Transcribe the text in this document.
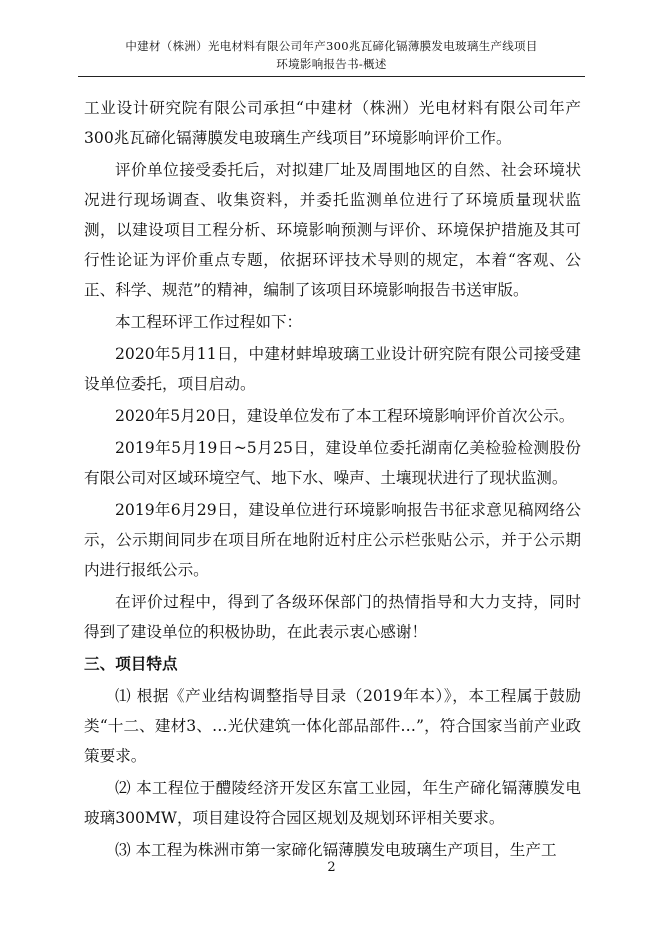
中建材（株洲）光电材料有限公司年产300兆瓦碲化镉薄膜发电玻璃生产线项目
环境影响报告书-概述

工业设计研究院有限公司承担“中建材（株洲）光电材料有限公司年产300兆瓦碲化镉薄膜发电玻璃生产线项目”环境影响评价工作。

评价单位接受委托后，对拟建厂址及周围地区的自然、社会环境状况进行现场调查、收集资料，并委托监测单位进行了环境质量现状监测，以建设项目工程分析、环境影响预测与评价、环境保护措施及其可行性论证为评价重点专题，依据环评技术导则的规定，本着“客观、公正、科学、规范”的精神，编制了该项目环境影响报告书送审版。

本工程环评工作过程如下：

2020年5月11日，中建材蚌埠玻璃工业设计研究院有限公司接受建设单位委托，项目启动。

2020年5月20日，建设单位发布了本工程环境影响评价首次公示。

2019年5月19日~5月25日，建设单位委托湖南亿美检验检测股份有限公司对区域环境空气、地下水、噪声、土壤现状进行了现状监测。

2019年6月29日，建设单位进行环境影响报告书征求意见稿网络公示，公示期间同步在项目所在地附近村庄公示栏张贴公示，并于公示期内进行报纸公示。

在评价过程中，得到了各级环保部门的热情指导和大力支持，同时得到了建设单位的积极协助，在此表示衷心感谢！

三、项目特点

⑴ 根据《产业结构调整指导目录（2019年本）》，本工程属于鼓励类“十二、建材3、…光伏建筑一体化部品部件…”，符合国家当前产业政策要求。

⑵ 本工程位于醴陵经济开发区东富工业园，年生产碲化镉薄膜发电玻璃300MW，项目建设符合园区规划及规划环评相关要求。

⑶ 本工程为株洲市第一家碲化镉薄膜发电玻璃生产项目，生产工

2
